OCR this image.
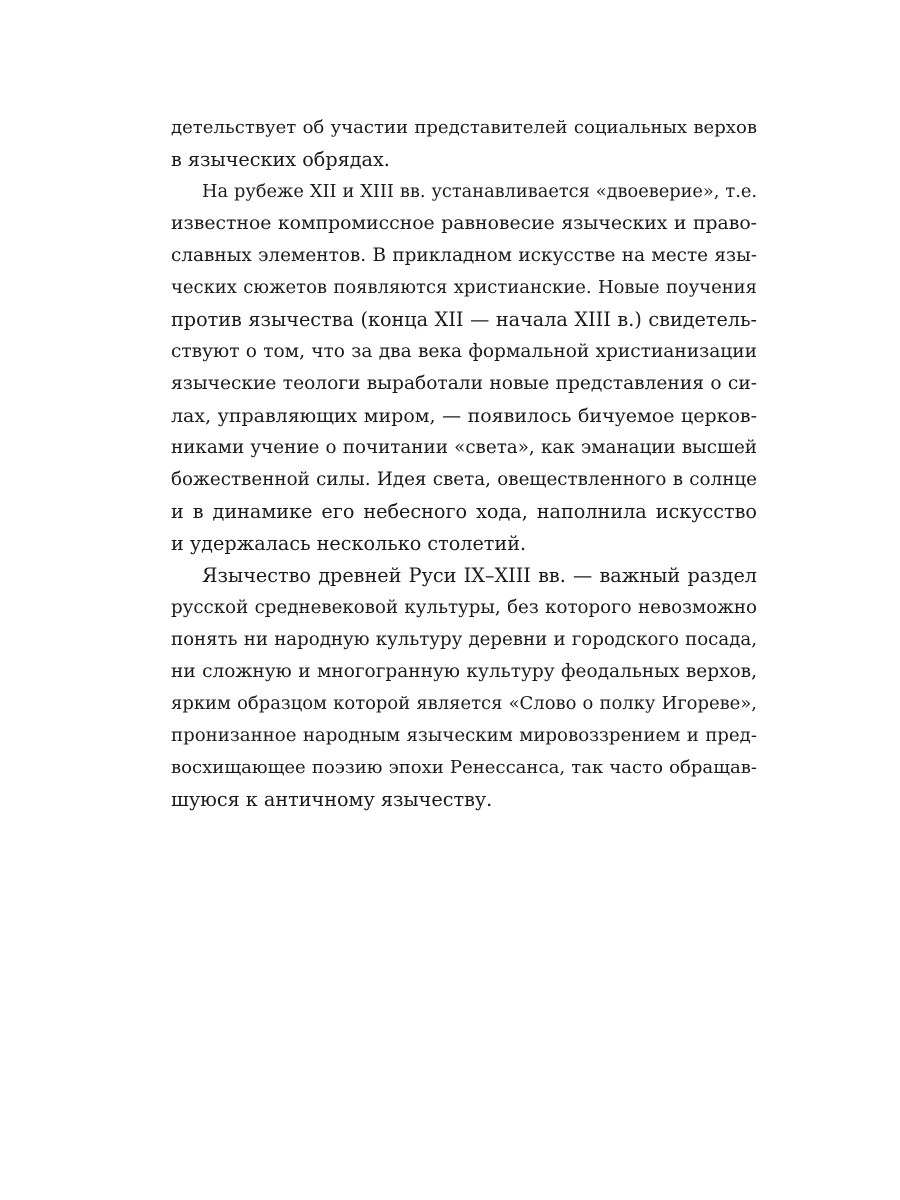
детельствует об участии представителей социальных верхов
в языческих обрядах.
На рубеже XII и XIII вв. устанавливается «двоеверие», т.е.
известное компромиссное равновесие языческих и право-
славных элементов. В прикладном искусстве на месте язы-
ческих сюжетов появляются христианские. Новые поучения
против язычества (конца XII — начала XIII в.) свидетель-
ствуют о том, что за два века формальной христианизации
языческие теологи выработали новые представления о си-
лах, управляющих миром, — появилось бичуемое церков-
никами учение о почитании «света», как эманации высшей
божественной силы. Идея света, овеществленного в солнце
и в динамике его небесного хода, наполнила искусство
и удержалась несколько столетий.
Язычество древней Руси IX–XIII вв. — важный раздел
русской средневековой культуры, без которого невозможно
понять ни народную культуру деревни и городского посада,
ни сложную и многогранную культуру феодальных верхов,
ярким образцом которой является «Слово о полку Игореве»,
пронизанное народным языческим мировоззрением и пред-
восхищающее поэзию эпохи Ренессанса, так часто обращав-
шуюся к античному язычеству.
